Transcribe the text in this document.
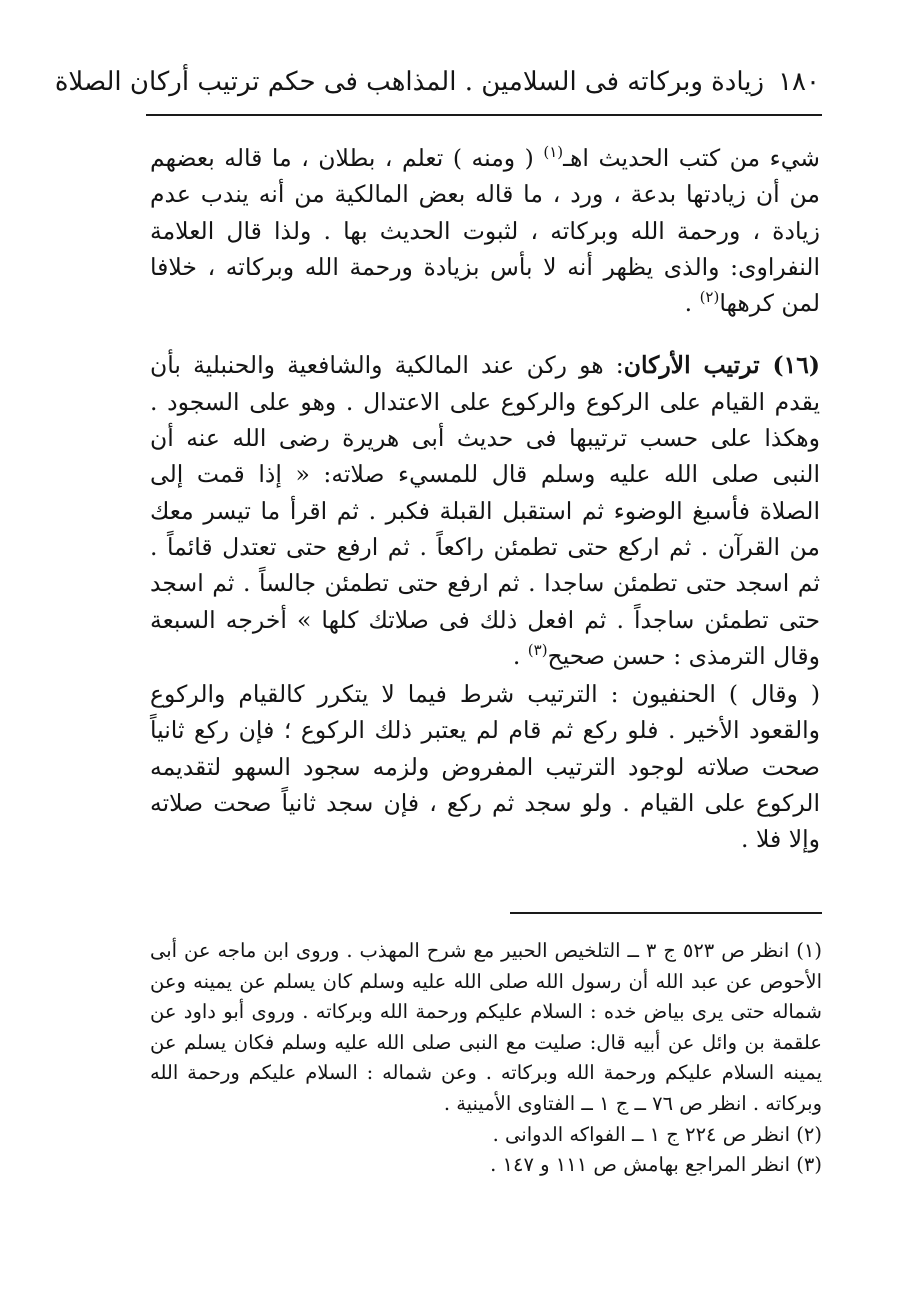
١٨٠
زيادة وبركاته فى السلامين . المذاهب فى حكم ترتيب أركان الصلاة

شيء من كتب الحديث اهـ$^{(١)}$ ( ومنه ) تعلم ، بطلان ، ما قاله بعضهم من أن زيادتها بدعة ، ورد ، ما قاله بعض المالكية من أنه يندب عدم زيادة ، ورحمة الله وبركاته ، لثبوت الحديث بها . ولذا قال العلامة النفراوى: والذى يظهر أنه لا بأس بزيادة ورحمة الله وبركاته ، خلافا لمن كرهها$^{(٢)}$ .

(١٦) ترتيب الأركان: هو ركن عند المالكية والشافعية والحنبلية بأن يقدم القيام على الركوع والركوع على الاعتدال . وهو على السجود . وهكذا على حسب ترتيبها فى حديث أبى هريرة رضى الله عنه أن النبى صلى الله عليه وسلم قال للمسيء صلاته: « إذا قمت إلى الصلاة فأسبغ الوضوء ثم استقبل القبلة فكبر . ثم اقرأ ما تيسر معك من القرآن . ثم اركع حتى تطمئن راكعاً . ثم ارفع حتى تعتدل قائماً . ثم اسجد حتى تطمئن ساجدا . ثم ارفع حتى تطمئن جالساً . ثم اسجد حتى تطمئن ساجداً . ثم افعل ذلك فى صلاتك كلها » أخرجه السبعة وقال الترمذى : حسن صحيح$^{(٣)}$ .

( وقال ) الحنفيون : الترتيب شرط فيما لا يتكرر كالقيام والركوع والقعود الأخير . فلو ركع ثم قام لم يعتبر ذلك الركوع ؛ فإن ركع ثانياً صحت صلاته لوجود الترتيب المفروض ولزمه سجود السهو لتقديمه الركوع على القيام . ولو سجد ثم ركع ، فإن سجد ثانياً صحت صلاته وإلا فلا .

(١) انظر ص ٥٢٣ ج ٣ ــ التلخيص الحبير مع شرح المهذب . وروى ابن ماجه عن أبى الأحوص عن عبد الله أن رسول الله صلى الله عليه وسلم كان يسلم عن يمينه وعن شماله حتى يرى بياض خده : السلام عليكم ورحمة الله وبركاته . وروى أبو داود عن علقمة بن وائل عن أبيه قال: صليت مع النبى صلى الله عليه وسلم فكان يسلم عن يمينه السلام عليكم ورحمة الله وبركاته . وعن شماله : السلام عليكم ورحمة الله وبركاته . انظر ص ٧٦ ــ ج ١ ــ الفتاوى الأمينية .

(٢) انظر ص ٢٢٤ ج ١ ــ الفواكه الدوانى .

(٣) انظر المراجع بهامش ص ١١١ و ١٤٧ .
